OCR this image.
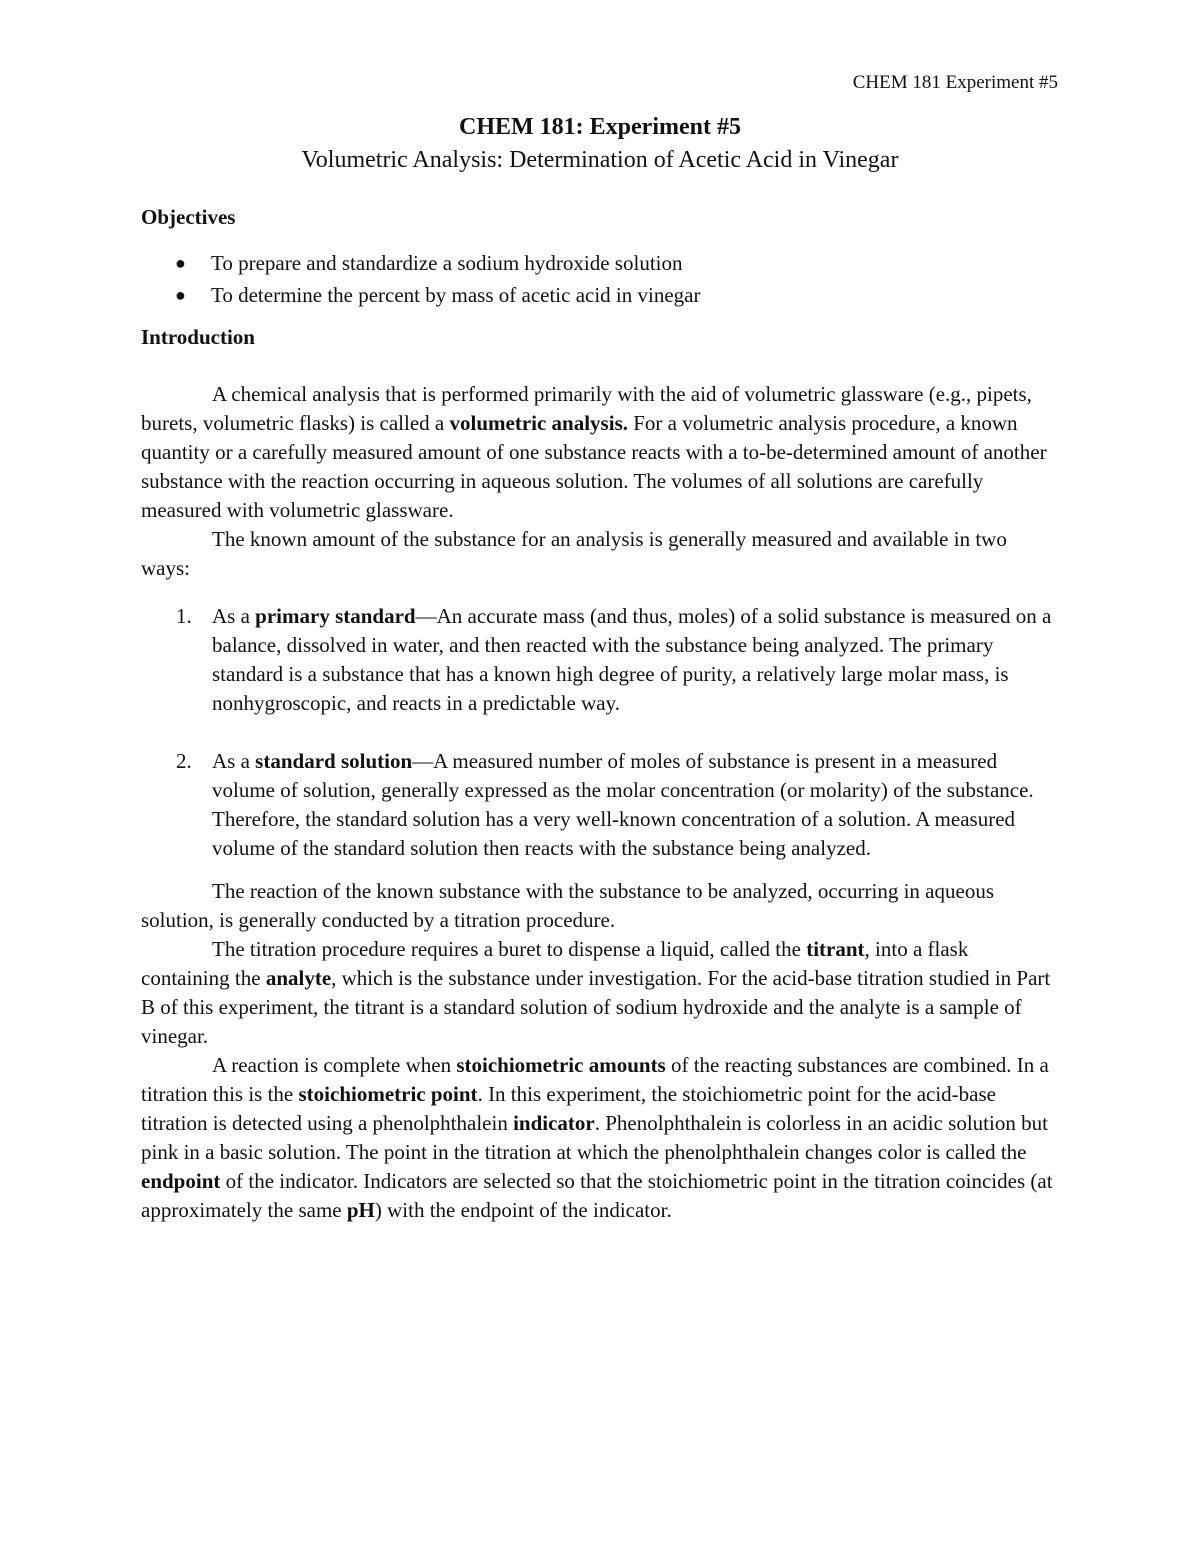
CHEM 181 Experiment #5
CHEM 181: Experiment #5
Volumetric Analysis: Determination of Acetic Acid in Vinegar
Objectives
● To prepare and standardize a sodium hydroxide solution
● To determine the percent by mass of acetic acid in vinegar
Introduction

A chemical analysis that is performed primarily with the aid of volumetric glassware (e.g., pipets, burets, volumetric flasks) is called a volumetric analysis. For a volumetric analysis procedure, a known quantity or a carefully measured amount of one substance reacts with a to-be-determined amount of another substance with the reaction occurring in aqueous solution. The volumes of all solutions are carefully measured with volumetric glassware.

The known amount of the substance for an analysis is generally measured and available in two ways:

1. As a primary standard—An accurate mass (and thus, moles) of a solid substance is measured on a balance, dissolved in water, and then reacted with the substance being analyzed. The primary standard is a substance that has a known high degree of purity, a relatively large molar mass, is nonhygroscopic, and reacts in a predictable way.
2. As a standard solution—A measured number of moles of substance is present in a measured volume of solution, generally expressed as the molar concentration (or molarity) of the substance. Therefore, the standard solution has a very well-known concentration of a solution. A measured volume of the standard solution then reacts with the substance being analyzed.

The reaction of the known substance with the substance to be analyzed, occurring in aqueous solution, is generally conducted by a titration procedure.

The titration procedure requires a buret to dispense a liquid, called the titrant, into a flask containing the analyte, which is the substance under investigation. For the acid-base titration studied in Part B of this experiment, the titrant is a standard solution of sodium hydroxide and the analyte is a sample of vinegar.

A reaction is complete when stoichiometric amounts of the reacting substances are combined. In a titration this is the stoichiometric point. In this experiment, the stoichiometric point for the acid-base titration is detected using a phenolphthalein indicator. Phenolphthalein is colorless in an acidic solution but pink in a basic solution. The point in the titration at which the phenolphthalein changes color is called the endpoint of the indicator. Indicators are selected so that the stoichiometric point in the titration coincides (at approximately the same pH) with the endpoint of the indicator.
